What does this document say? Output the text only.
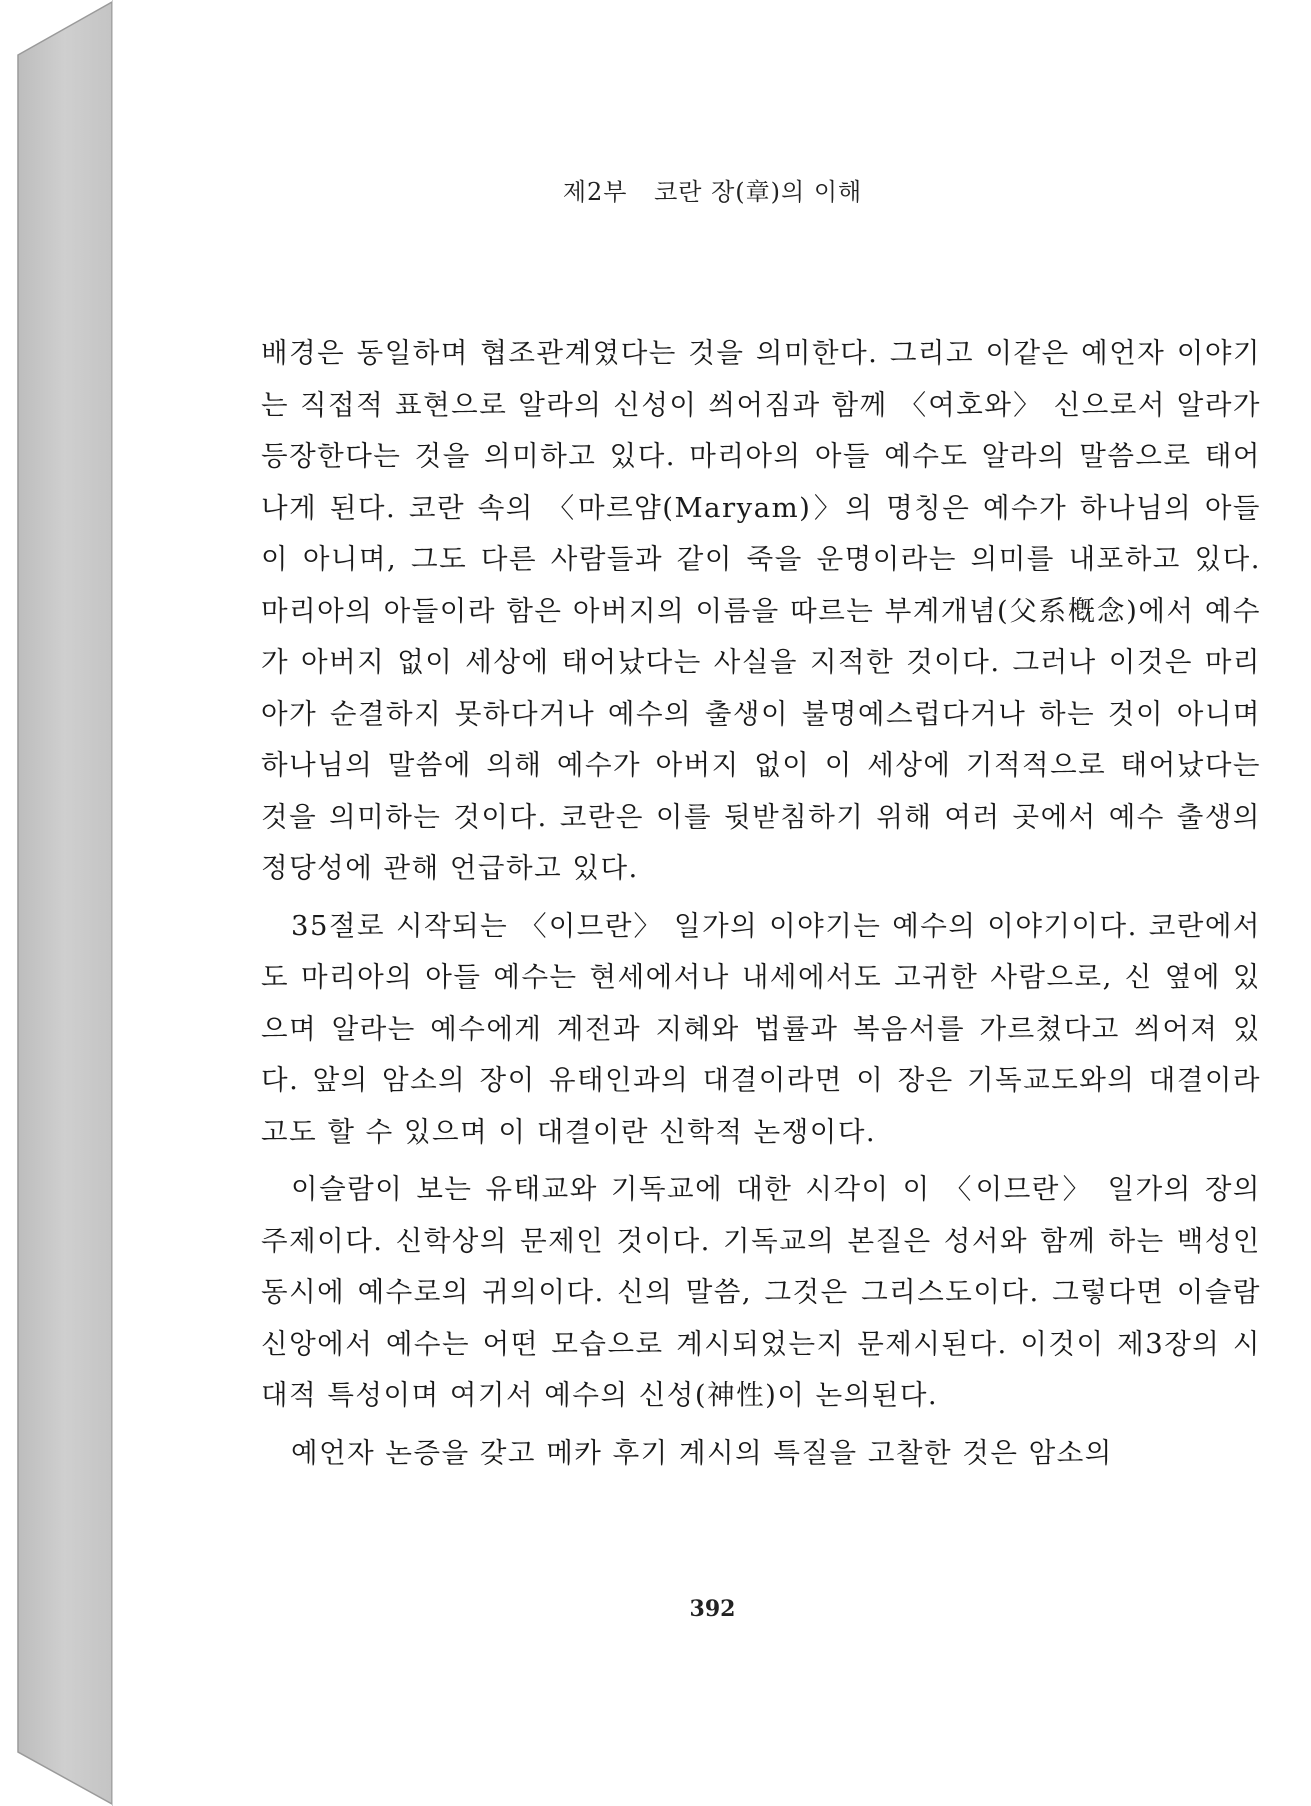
제2부 코란 장(章)의 이해

배경은 동일하며 협조관계였다는 것을 의미한다. 그리고 이같은 예언자 이야기는 직접적 표현으로 알라의 신성이 씌어짐과 함께 〈여호와〉 신으로서 알라가 등장한다는 것을 의미하고 있다. 마리아의 아들 예수도 알라의 말씀으로 태어나게 된다. 코란 속의 〈마르얌(Maryam)〉의 명칭은 예수가 하나님의 아들이 아니며, 그도 다른 사람들과 같이 죽을 운명이라는 의미를 내포하고 있다. 마리아의 아들이라 함은 아버지의 이름을 따르는 부계개념(父系槪念)에서 예수가 아버지 없이 세상에 태어났다는 사실을 지적한 것이다. 그러나 이것은 마리아가 순결하지 못하다거나 예수의 출생이 불명예스럽다거나 하는 것이 아니며 하나님의 말씀에 의해 예수가 아버지 없이 이 세상에 기적적으로 태어났다는 것을 의미하는 것이다. 코란은 이를 뒷받침하기 위해 여러 곳에서 예수 출생의 정당성에 관해 언급하고 있다.

35절로 시작되는 〈이므란〉 일가의 이야기는 예수의 이야기이다. 코란에서도 마리아의 아들 예수는 현세에서나 내세에서도 고귀한 사람으로, 신 옆에 있으며 알라는 예수에게 계전과 지혜와 법률과 복음서를 가르쳤다고 씌어져 있다. 앞의 암소의 장이 유태인과의 대결이라면 이 장은 기독교도와의 대결이라고도 할 수 있으며 이 대결이란 신학적 논쟁이다.

이슬람이 보는 유태교와 기독교에 대한 시각이 이 〈이므란〉 일가의 장의 주제이다. 신학상의 문제인 것이다. 기독교의 본질은 성서와 함께 하는 백성인 동시에 예수로의 귀의이다. 신의 말씀, 그것은 그리스도이다. 그렇다면 이슬람 신앙에서 예수는 어떤 모습으로 계시되었는지 문제시된다. 이것이 제3장의 시대적 특성이며 여기서 예수의 신성(神性)이 논의된다.

예언자 논증을 갖고 메카 후기 계시의 특질을 고찰한 것은 암소의

392
